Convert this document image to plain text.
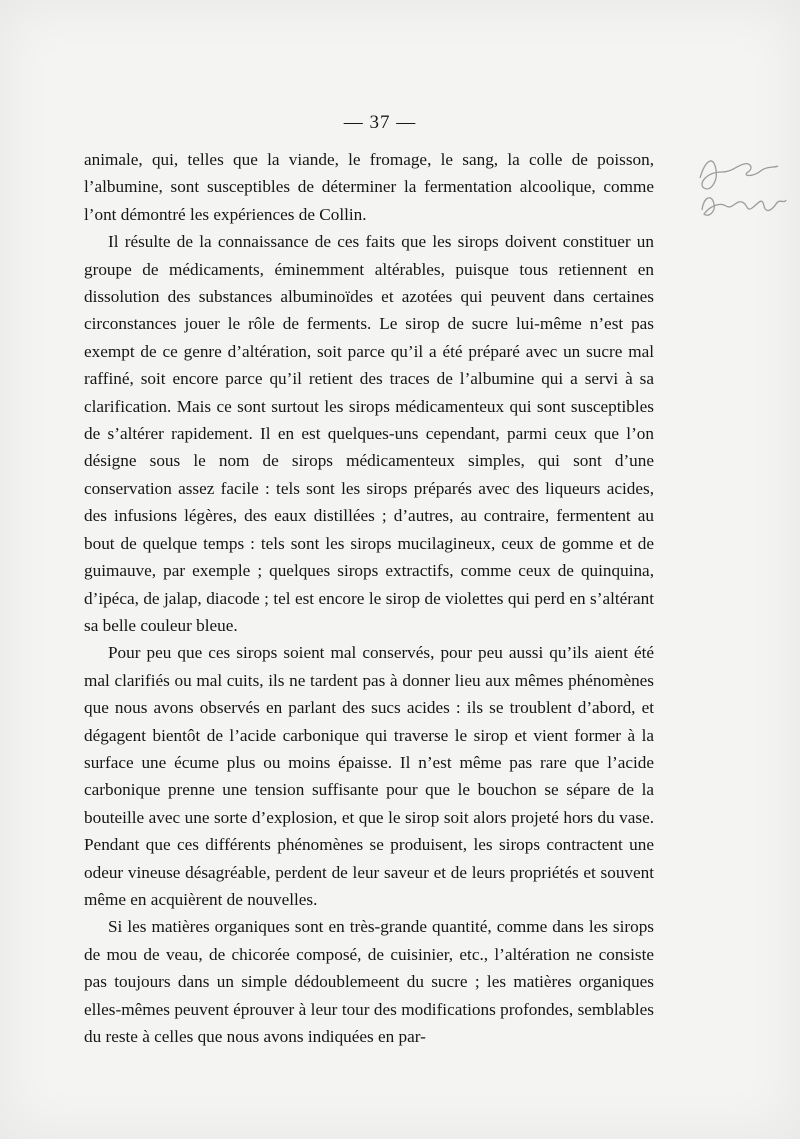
— 37 —

animale, qui, telles que la viande, le fromage, le sang, la colle de poisson, l’albumine, sont susceptibles de déterminer la fermentation alcoolique, comme l’ont démontré les expériences de Collin.

Il résulte de la connaissance de ces faits que les sirops doivent constituer un groupe de médicaments, éminemment altérables, puisque tous retiennent en dissolution des substances albuminoïdes et azotées qui peuvent dans certaines circonstances jouer le rôle de ferments. Le sirop de sucre lui-même n’est pas exempt de ce genre d’altération, soit parce qu’il a été préparé avec un sucre mal raffiné, soit encore parce qu’il retient des traces de l’albumine qui a servi à sa clarification. Mais ce sont surtout les sirops médicamenteux qui sont susceptibles de s’altérer rapidement. Il en est quelques-uns cependant, parmi ceux que l’on désigne sous le nom de sirops médicamenteux simples, qui sont d’une conservation assez facile : tels sont les sirops préparés avec des liqueurs acides, des infusions légères, des eaux distillées ; d’autres, au contraire, fermentent au bout de quelque temps : tels sont les sirops mucilagineux, ceux de gomme et de guimauve, par exemple ; quelques sirops extractifs, comme ceux de quinquina, d’ipéca, de jalap, diacode ; tel est encore le sirop de violettes qui perd en s’altérant sa belle couleur bleue.

Pour peu que ces sirops soient mal conservés, pour peu aussi qu’ils aient été mal clarifiés ou mal cuits, ils ne tardent pas à donner lieu aux mêmes phénomènes que nous avons observés en parlant des sucs acides : ils se troublent d’abord, et dégagent bientôt de l’acide carbonique qui traverse le sirop et vient former à la surface une écume plus ou moins épaisse. Il n’est même pas rare que l’acide carbonique prenne une tension suffisante pour que le bouchon se sépare de la bouteille avec une sorte d’explosion, et que le sirop soit alors projeté hors du vase. Pendant que ces différents phénomènes se produisent, les sirops contractent une odeur vineuse désagréable, perdent de leur saveur et de leurs propriétés et souvent même en acquièrent de nouvelles.

Si les matières organiques sont en très-grande quantité, comme dans les sirops de mou de veau, de chicorée composé, de cuisinier, etc., l’altération ne consiste pas toujours dans un simple dédoublemeent du sucre ; les matières organiques elles-mêmes peuvent éprouver à leur tour des modifications profondes, semblables du reste à celles que nous avons indiquées en par-
